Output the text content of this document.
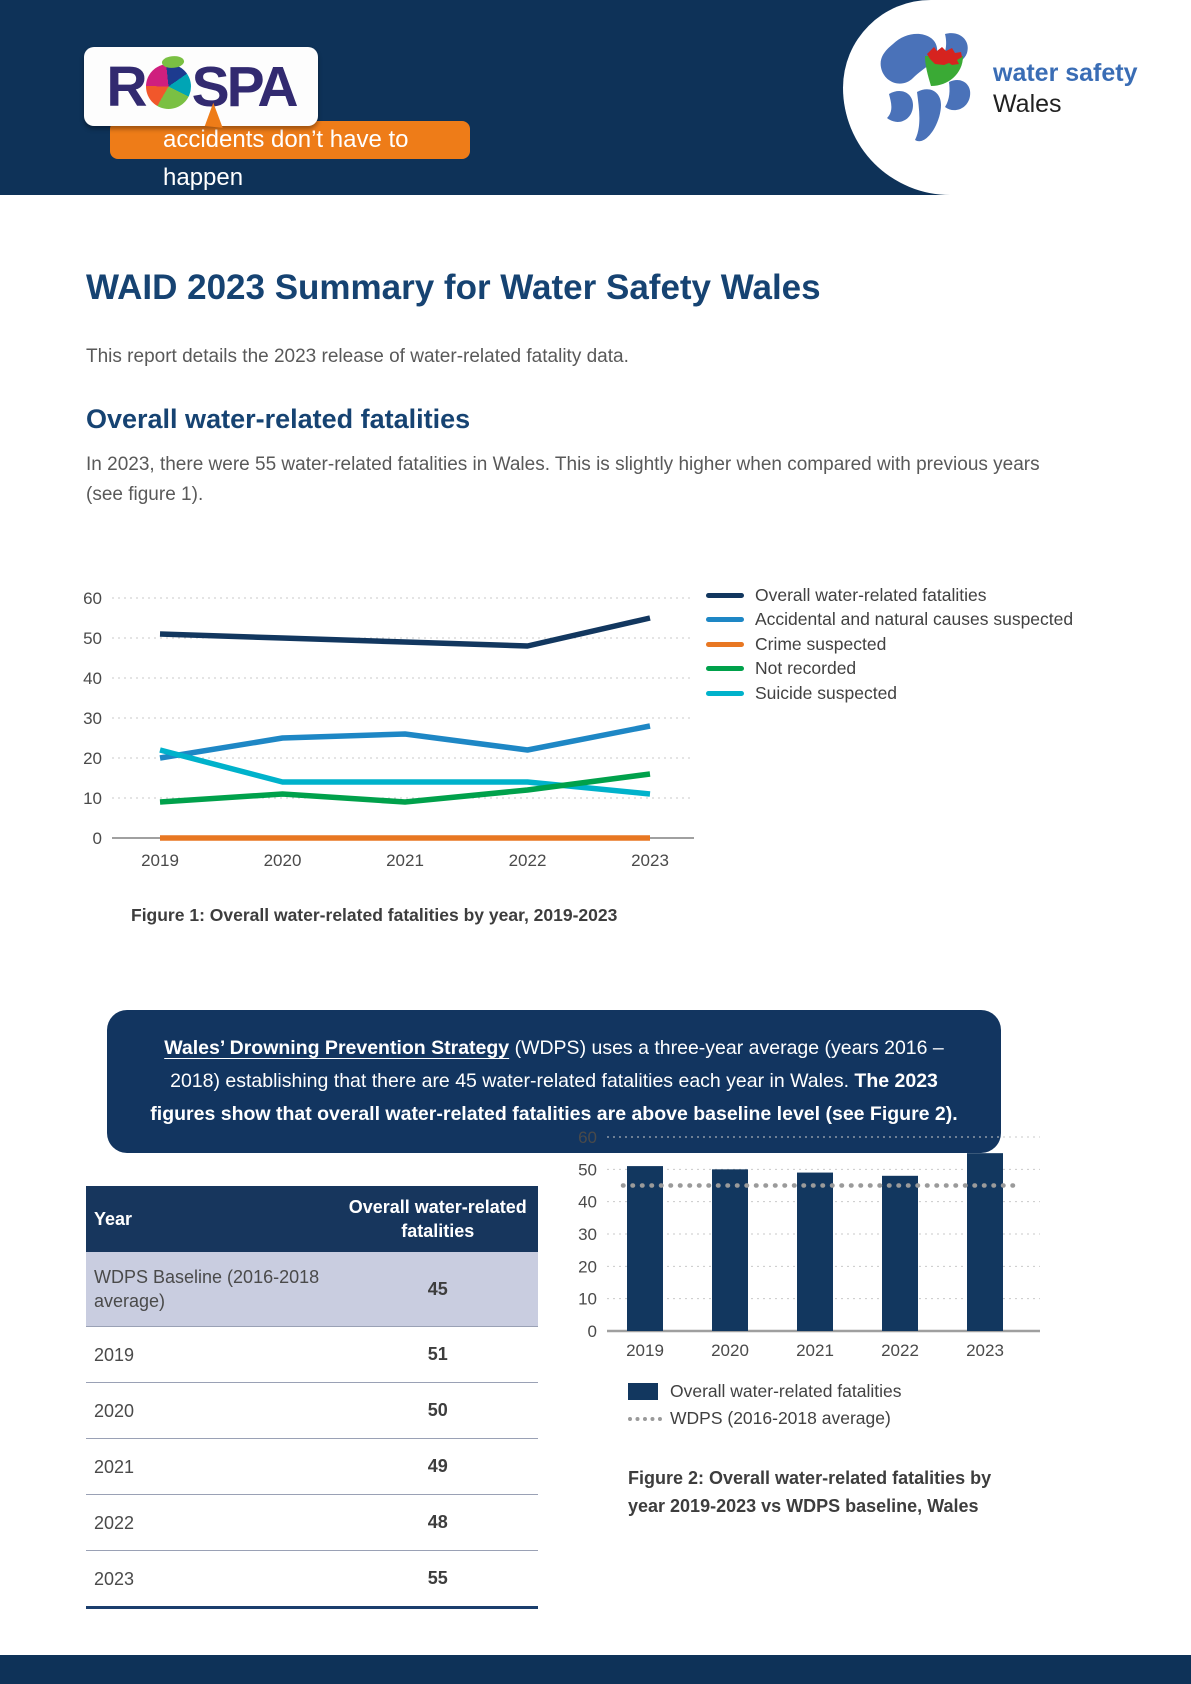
water safety
Wales
accidents don’t have to happen
R SPA
WAID 2023 Summary for Water Safety Wales

This report details the 2023 release of water-related fatality data.

Overall water-related fatalities

In 2023, there were 55 water-related fatalities in Wales. This is slightly higher when compared with previous years (see figure 1).

0
10
20
30
40
50
60
2019	2020	2021	2022	2023
Overall water-related fatalities
Accidental and natural causes suspected
Crime suspected
Not recorded
Suicide suspected

Figure 1: Overall water-related fatalities by year, 2019-2023

Wales’ Drowning Prevention Strategy (WDPS) uses a three-year average (years 2016 – 2018) establishing that there are 45 water-related fatalities each year in Wales. The 2023 figures show that overall water-related fatalities are above baseline level (see Figure 2).
Year	Overall water-related fatalities
WDPS Baseline (2016-2018 average)	45
2019	51
2020	50
2021	49
2022	48
2023	55
0
10
20
30
40
50
60
2019	2020	2021	2022	2023
Overall water-related fatalities
WDPS (2016-2018 average)

Figure 2: Overall water-related fatalities by year 2019-2023 vs WDPS baseline, Wales
